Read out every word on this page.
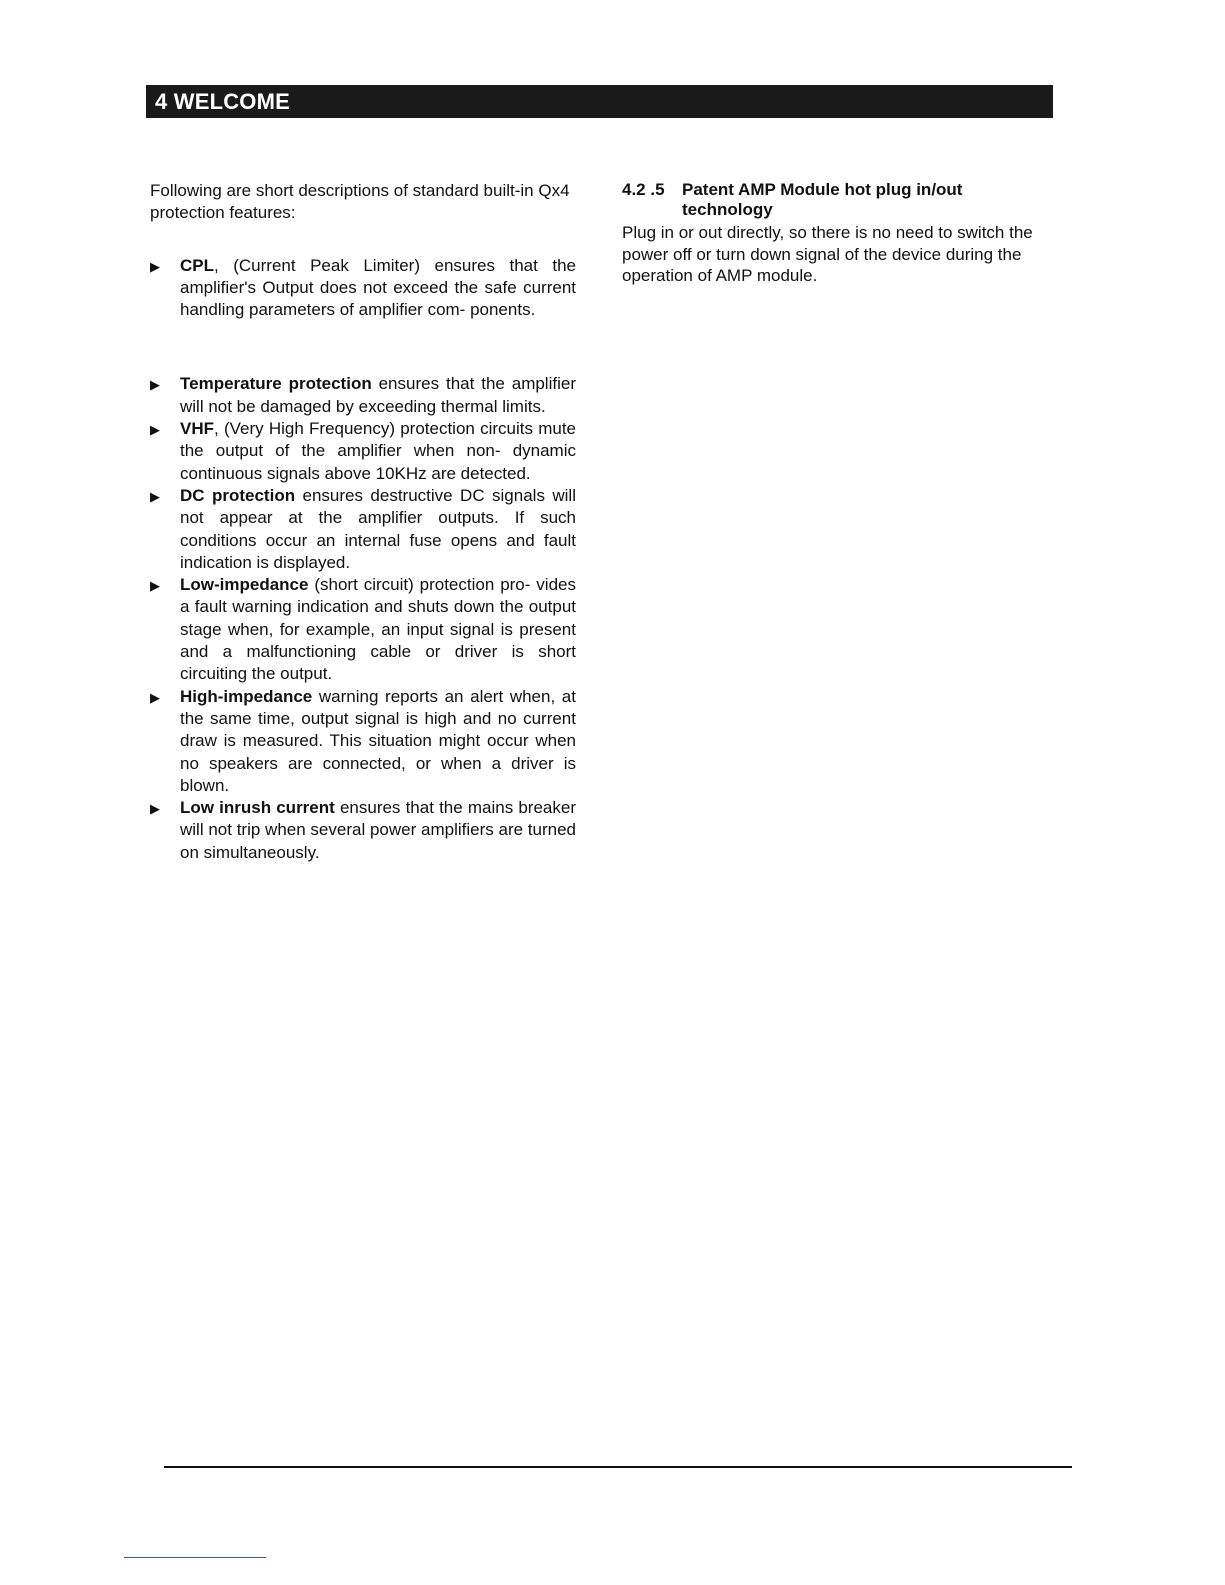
4 WELCOME

Following are short descriptions of standard built-in Qx4 protection features:

▶ CPL, (Current Peak Limiter) ensures that the amplifier's Output does not exceed the safe current handling parameters of amplifier com- ponents.
▶ Temperature protection ensures that the amplifier will not be damaged by exceeding thermal limits.
▶ VHF, (Very High Frequency) protection circuits mute the output of the amplifier when non- dynamic continuous signals above 10KHz are detected.
▶ DC protection ensures destructive DC signals will not appear at the amplifier outputs. If such conditions occur an internal fuse opens and fault indication is displayed.
▶ Low-impedance (short circuit) protection pro- vides a fault warning indication and shuts down the output stage when, for example, an input signal is present and a malfunctioning cable or driver is short circuiting the output.
▶ High-impedance warning reports an alert when, at the same time, output signal is high and no current draw is measured. This situation might occur when no speakers are connected, or when a driver is blown.
▶ Low inrush current ensures that the mains breaker will not trip when several power amplifiers are turned on simultaneously.
4.2 .5 Patent AMP Module hot plug in/out technology

Plug in or out directly, so there is no need to switch the power off or turn down signal of the device during the operation of AMP module.
